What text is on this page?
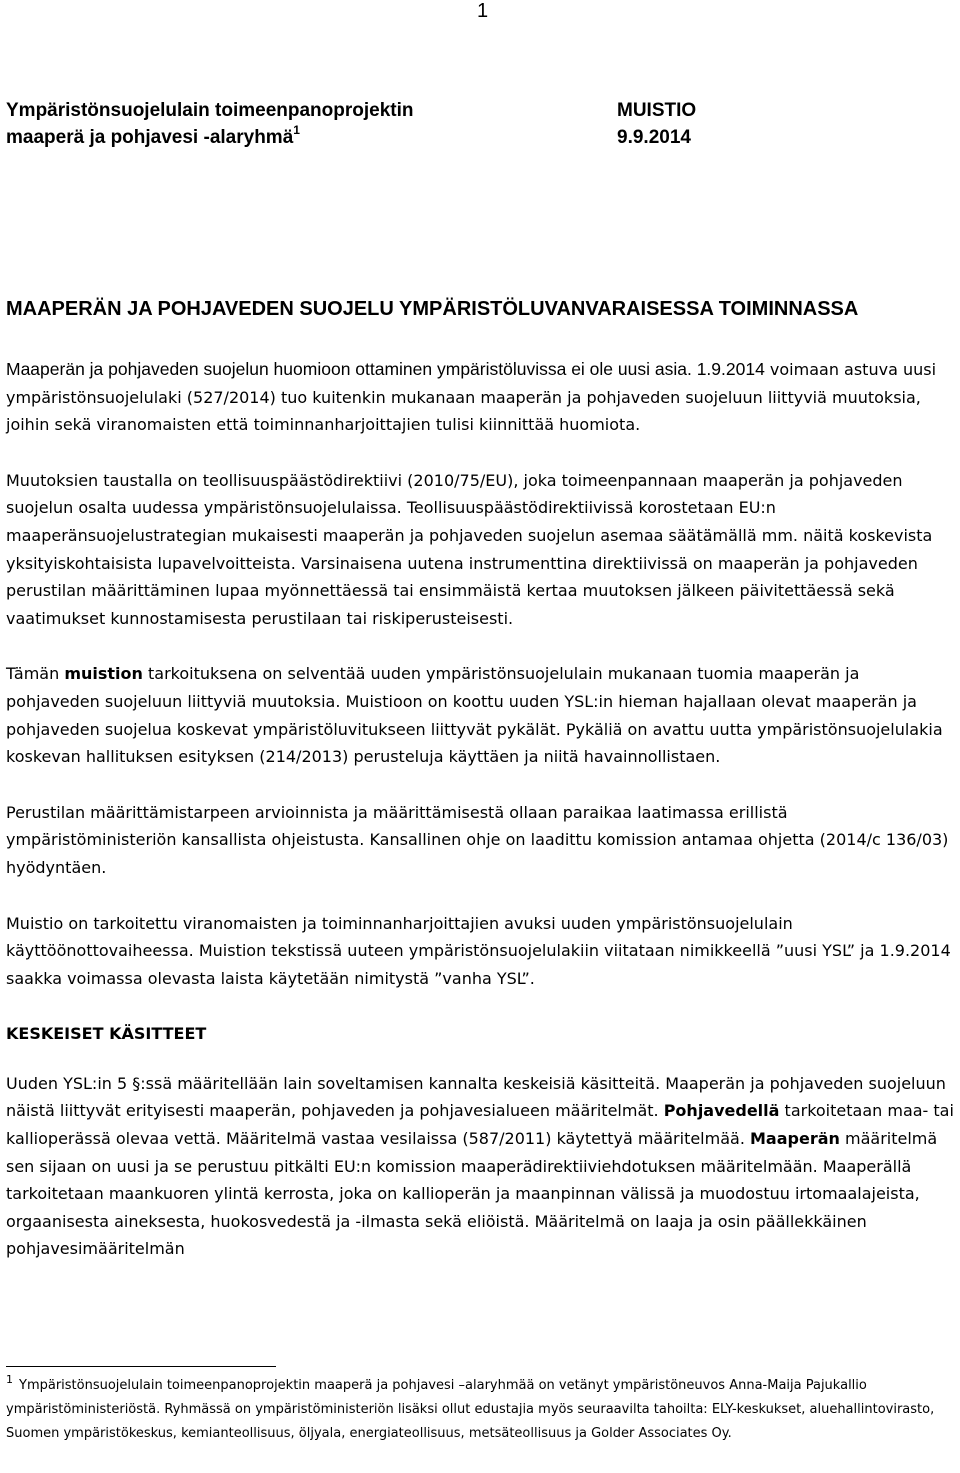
1
Ympäristönsuojelulain toimeenpanoprojektin
maaperä ja pohjavesi -alaryhmä$^1$
MUISTIO
9.9.2014
MAAPERÄN JA POHJAVEDEN SUOJELU YMPÄRISTÖLUVANVARAISESSA TOIMINNASSA

Maaperän ja pohjaveden suojelun huomioon ottaminen ympäristöluvissa ei ole uusi asia. 1.9.2014 voimaan astuva uusi ympäristönsuojelulaki (527/2014) tuo kuitenkin mukanaan maaperän ja pohjaveden suojeluun liittyviä muutoksia, joihin sekä viranomaisten että toiminnanharjoittajien tulisi kiinnittää huomiota.

Muutoksien taustalla on teollisuuspäästödirektiivi (2010/75/EU), joka toimeenpannaan maaperän ja pohjaveden suojelun osalta uudessa ympäristönsuojelulaissa. Teollisuuspäästödirektiivissä korostetaan EU:n maaperänsuojelustrategian mukaisesti maaperän ja pohjaveden suojelun asemaa säätämällä mm. näitä koskevista yksityiskohtaisista lupavelvoitteista. Varsinaisena uutena instrumenttina direktiivissä on maaperän ja pohjaveden perustilan määrittäminen lupaa myönnettäessä tai ensimmäistä kertaa muutoksen jälkeen päivitettäessä sekä vaatimukset kunnostamisesta perustilaan tai riskiperusteisesti.

Tämän muistion tarkoituksena on selventää uuden ympäristönsuojelulain mukanaan tuomia maaperän ja pohjaveden suojeluun liittyviä muutoksia. Muistioon on koottu uuden YSL:in hieman hajallaan olevat maaperän ja pohjaveden suojelua koskevat ympäristöluvitukseen liittyvät pykälät. Pykäliä on avattu uutta ympäristönsuojelulakia koskevan hallituksen esityksen (214/2013) perusteluja käyttäen ja niitä havainnollistaen.

Perustilan määrittämistarpeen arvioinnista ja määrittämisestä ollaan paraikaa laatimassa erillistä ympäristöministeriön kansallista ohjeistusta. Kansallinen ohje on laadittu komission antamaa ohjetta (2014/c 136/03) hyödyntäen.

Muistio on tarkoitettu viranomaisten ja toiminnanharjoittajien avuksi uuden ympäristönsuojelulain käyttöönottovaiheessa. Muistion tekstissä uuteen ympäristönsuojelulakiin viitataan nimikkeellä ”uusi YSL” ja 1.9.2014 saakka voimassa olevasta laista käytetään nimitystä ”vanha YSL”.

KESKEISET KÄSITTEET

Uuden YSL:in 5 §:ssä määritellään lain soveltamisen kannalta keskeisiä käsitteitä. Maaperän ja pohjaveden suojeluun näistä liittyvät erityisesti maaperän, pohjaveden ja pohjavesialueen määritelmät. Pohjavedellä tarkoitetaan maa- tai kallioperässä olevaa vettä. Määritelmä vastaa vesilaissa (587/2011) käytettyä määritelmää. Maaperän määritelmä sen sijaan on uusi ja se perustuu pitkälti EU:n komission maaperädirektiiviehdotuksen määritelmään. Maaperällä tarkoitetaan maankuoren ylintä kerrosta, joka on kallioperän ja maanpinnan välissä ja muodostuu irtomaalajeista, orgaanisesta aineksesta, huokosvedestä ja -ilmasta sekä eliöistä. Määritelmä on laaja ja osin päällekkäinen pohjavesimääritelmän

$^1$ Ympäristönsuojelulain toimeenpanoprojektin maaperä ja pohjavesi –alaryhmää on vetänyt ympäristöneuvos Anna-Maija Pajukallio ympäristöministeriöstä. Ryhmässä on ympäristöministeriön lisäksi ollut edustajia myös seuraavilta tahoilta: ELY-keskukset, aluehallintovirasto, Suomen ympäristökeskus, kemianteollisuus, öljyala, energiateollisuus, metsäteollisuus ja Golder Associates Oy.
